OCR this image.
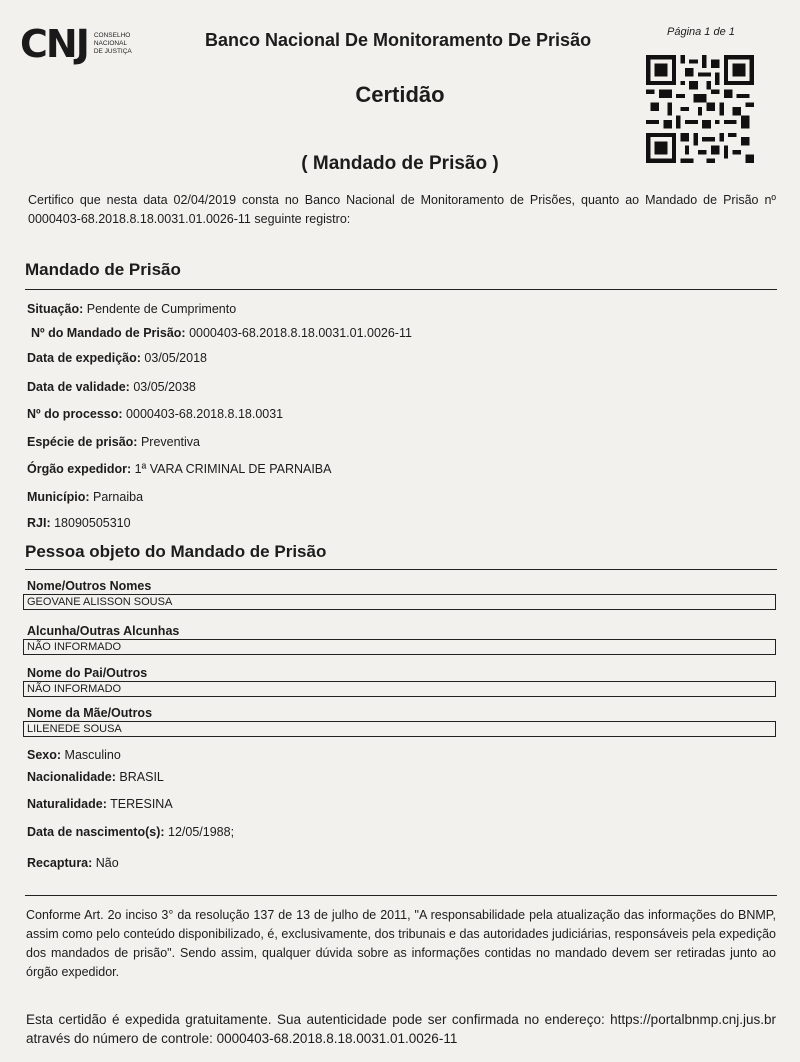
CNJ CONSELHO
NACIONAL
DE JUSTIÇA
Banco Nacional De Monitoramento De Prisão	Página 1 de 1
Certidão
( Mandado de Prisão )
Certifico que nesta data 02/04/2019 consta no Banco Nacional de Monitoramento de Prisões, quanto ao Mandado de Prisão nº 0000403-68.2018.8.18.0031.01.0026-11 seguinte registro:
Mandado de Prisão
Situação: Pendente de Cumprimento
Nº do Mandado de Prisão: 0000403-68.2018.8.18.0031.01.0026-11
Data de expedição: 03/05/2018
Data de validade: 03/05/2038
Nº do processo: 0000403-68.2018.8.18.0031
Espécie de prisão: Preventiva
Órgão expedidor: 1ª VARA CRIMINAL DE PARNAIBA
Município: Parnaiba
RJI: 18090505310
Pessoa objeto do Mandado de Prisão
Nome/Outros Nomes
GEOVANE ALISSON SOUSA
Alcunha/Outras Alcunhas
NÃO INFORMADO
Nome do Pai/Outros
NÃO INFORMADO
Nome da Mãe/Outros
LILENEDE SOUSA
Sexo: Masculino
Nacionalidade: BRASIL
Naturalidade: TERESINA
Data de nascimento(s): 12/05/1988;
Recaptura: Não
Conforme Art. 2o inciso 3° da resolução 137 de 13 de julho de 2011, "A responsabilidade pela atualização das informações do BNMP, assim como pelo conteúdo disponibilizado, é, exclusivamente, dos tribunais e das autoridades judiciárias, responsáveis pela expedição dos mandados de prisão". Sendo assim, qualquer dúvida sobre as informações contidas no mandado devem ser retiradas junto ao órgão expedidor.
Esta certidão é expedida gratuitamente. Sua autenticidade pode ser confirmada no endereço: https://portalbnmp.cnj.jus.br através do número de controle: 0000403-68.2018.8.18.0031.01.0026-11
